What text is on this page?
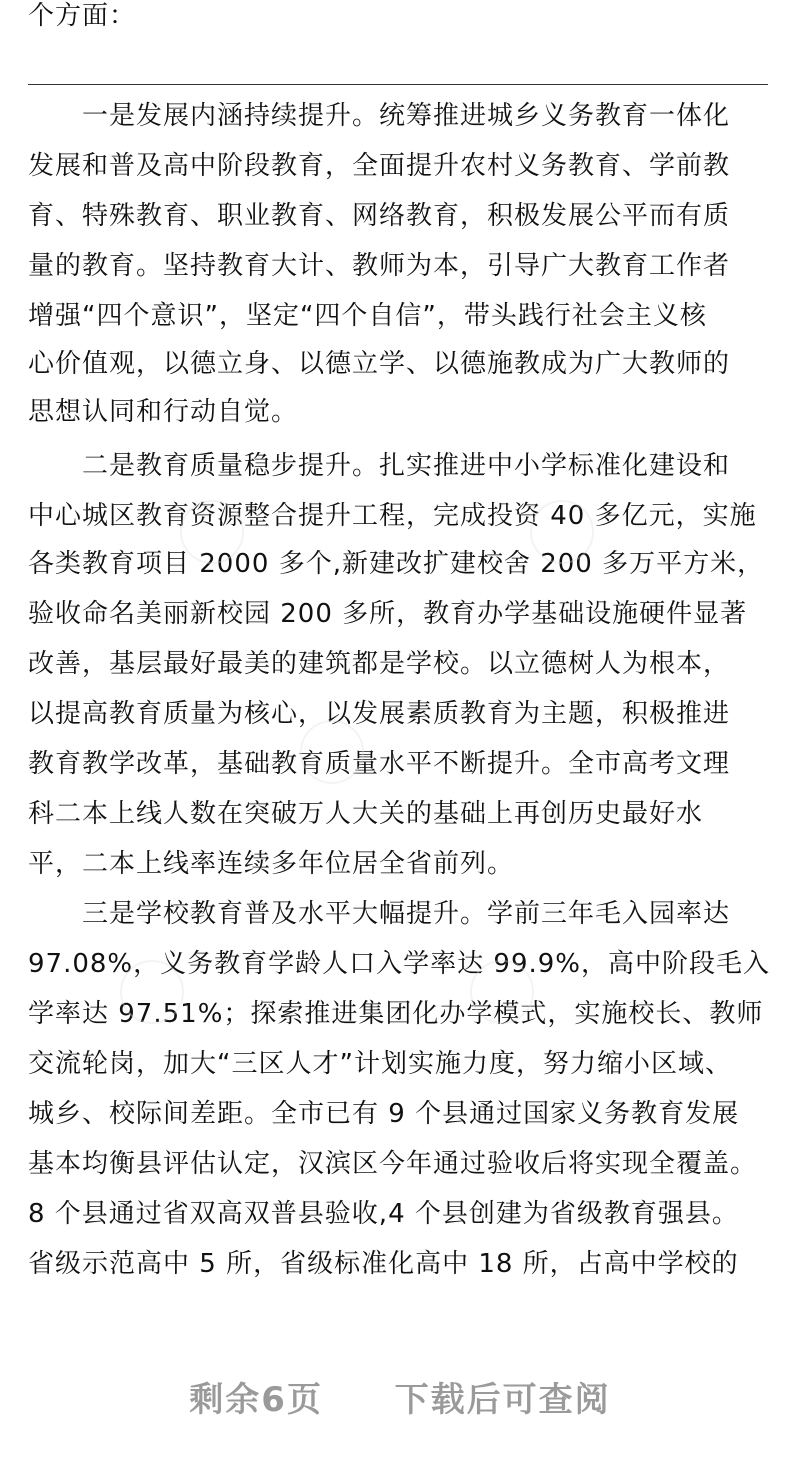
个方面：
　　一是发展内涵持续提升。统筹推进城乡义务教育一体化
发展和普及高中阶段教育，全面提升农村义务教育、学前教
育、特殊教育、职业教育、网络教育，积极发展公平而有质
量的教育。坚持教育大计、教师为本，引导广大教育工作者
增强“四个意识”，坚定“四个自信”，带头践行社会主义核
心价值观，以德立身、以德立学、以德施教成为广大教师的
思想认同和行动自觉。
　　二是教育质量稳步提升。扎实推进中小学标准化建设和
中心城区教育资源整合提升工程，完成投资 40 多亿元，实施
各类教育项目 2000 多个,新建改扩建校舍 200 多万平方米，
验收命名美丽新校园 200 多所，教育办学基础设施硬件显著
改善，基层最好最美的建筑都是学校。以立德树人为根本，
以提高教育质量为核心，以发展素质教育为主题，积极推进
教育教学改革，基础教育质量水平不断提升。全市高考文理
科二本上线人数在突破万人大关的基础上再创历史最好水
平，二本上线率连续多年位居全省前列。
　　三是学校教育普及水平大幅提升。学前三年毛入园率达
97.08%，义务教育学龄人口入学率达 99.9%，高中阶段毛入
学率达 97.51%；探索推进集团化办学模式，实施校长、教师
交流轮岗，加大“三区人才”计划实施力度，努力缩小区域、
城乡、校际间差距。全市已有 9 个县通过国家义务教育发展
基本均衡县评估认定，汉滨区今年通过验收后将实现全覆盖。
8 个县通过省双高双普县验收,4 个县创建为省级教育强县。
省级示范高中 5 所，省级标准化高中 18 所，占高中学校的
剩余6页 下载后可查阅
